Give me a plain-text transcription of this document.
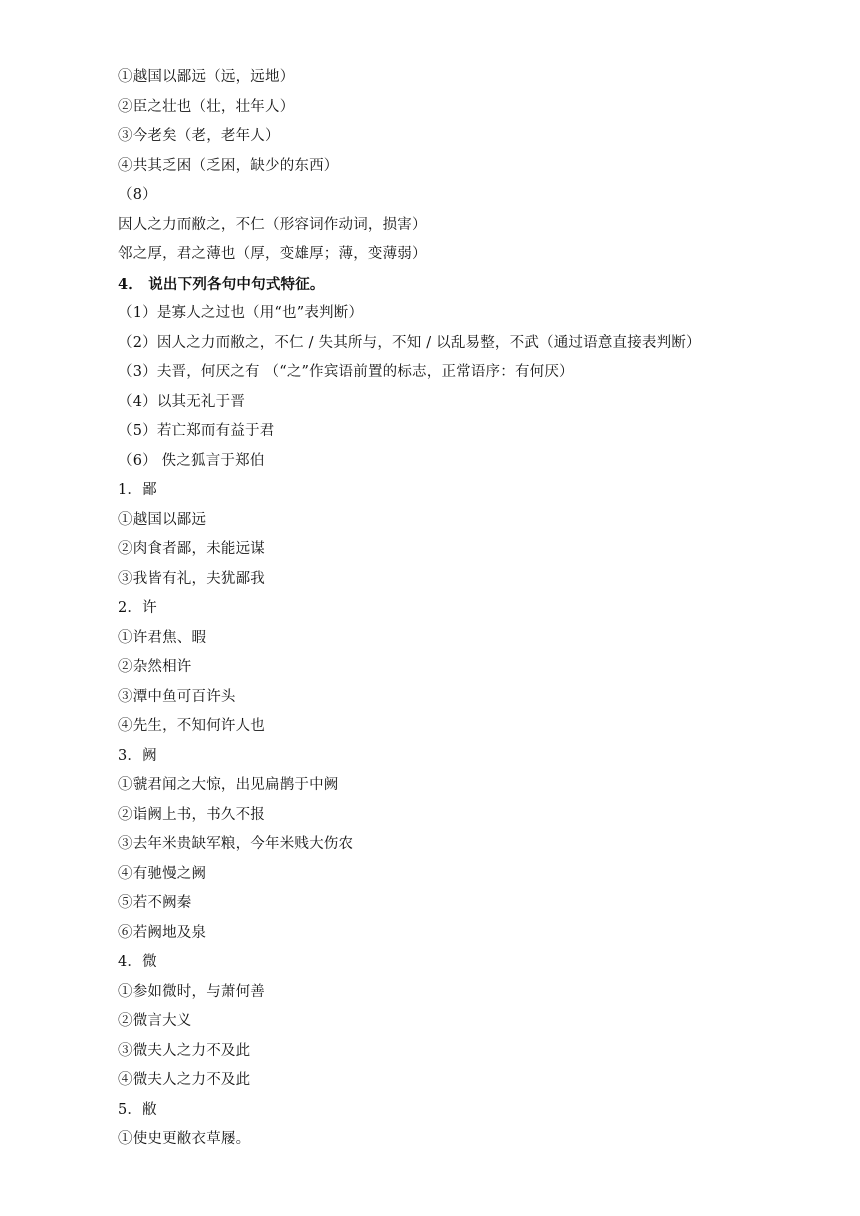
①越国以鄙远（远，远地）
②臣之壮也（壮，壮年人）
③今老矣（老，老年人）
④共其乏困（乏困，缺少的东西）
（8）
因人之力而敝之，不仁（形容词作动词，损害）
邻之厚，君之薄也（厚，变雄厚；薄，变薄弱）
4． 说出下列各句中句式特征。
（1）是寡人之过也（用“也”表判断）
（2）因人之力而敝之，不仁 / 失其所与，不知 / 以乱易整，不武（通过语意直接表判断）
（3）夫晋，何厌之有 （“之”作宾语前置的标志，正常语序：有何厌）
（4）以其无礼于晋
（5）若亡郑而有益于君
（6） 佚之狐言于郑伯
1．鄙
①越国以鄙远
②肉食者鄙，未能远谋
③我皆有礼，夫犹鄙我
2．许
①许君焦、暇
②杂然相许
③潭中鱼可百许头
④先生，不知何许人也
3．阙
①虢君闻之大惊，出见扁鹊于中阙
②诣阙上书，书久不报
③去年米贵缺军粮，今年米贱大伤农
④有驰慢之阙
⑤若不阙秦
⑥若阙地及泉
4．微
①参如微时，与萧何善
②微言大义
③微夫人之力不及此
④微夫人之力不及此
5．敝
①使史更敝衣草屦。
